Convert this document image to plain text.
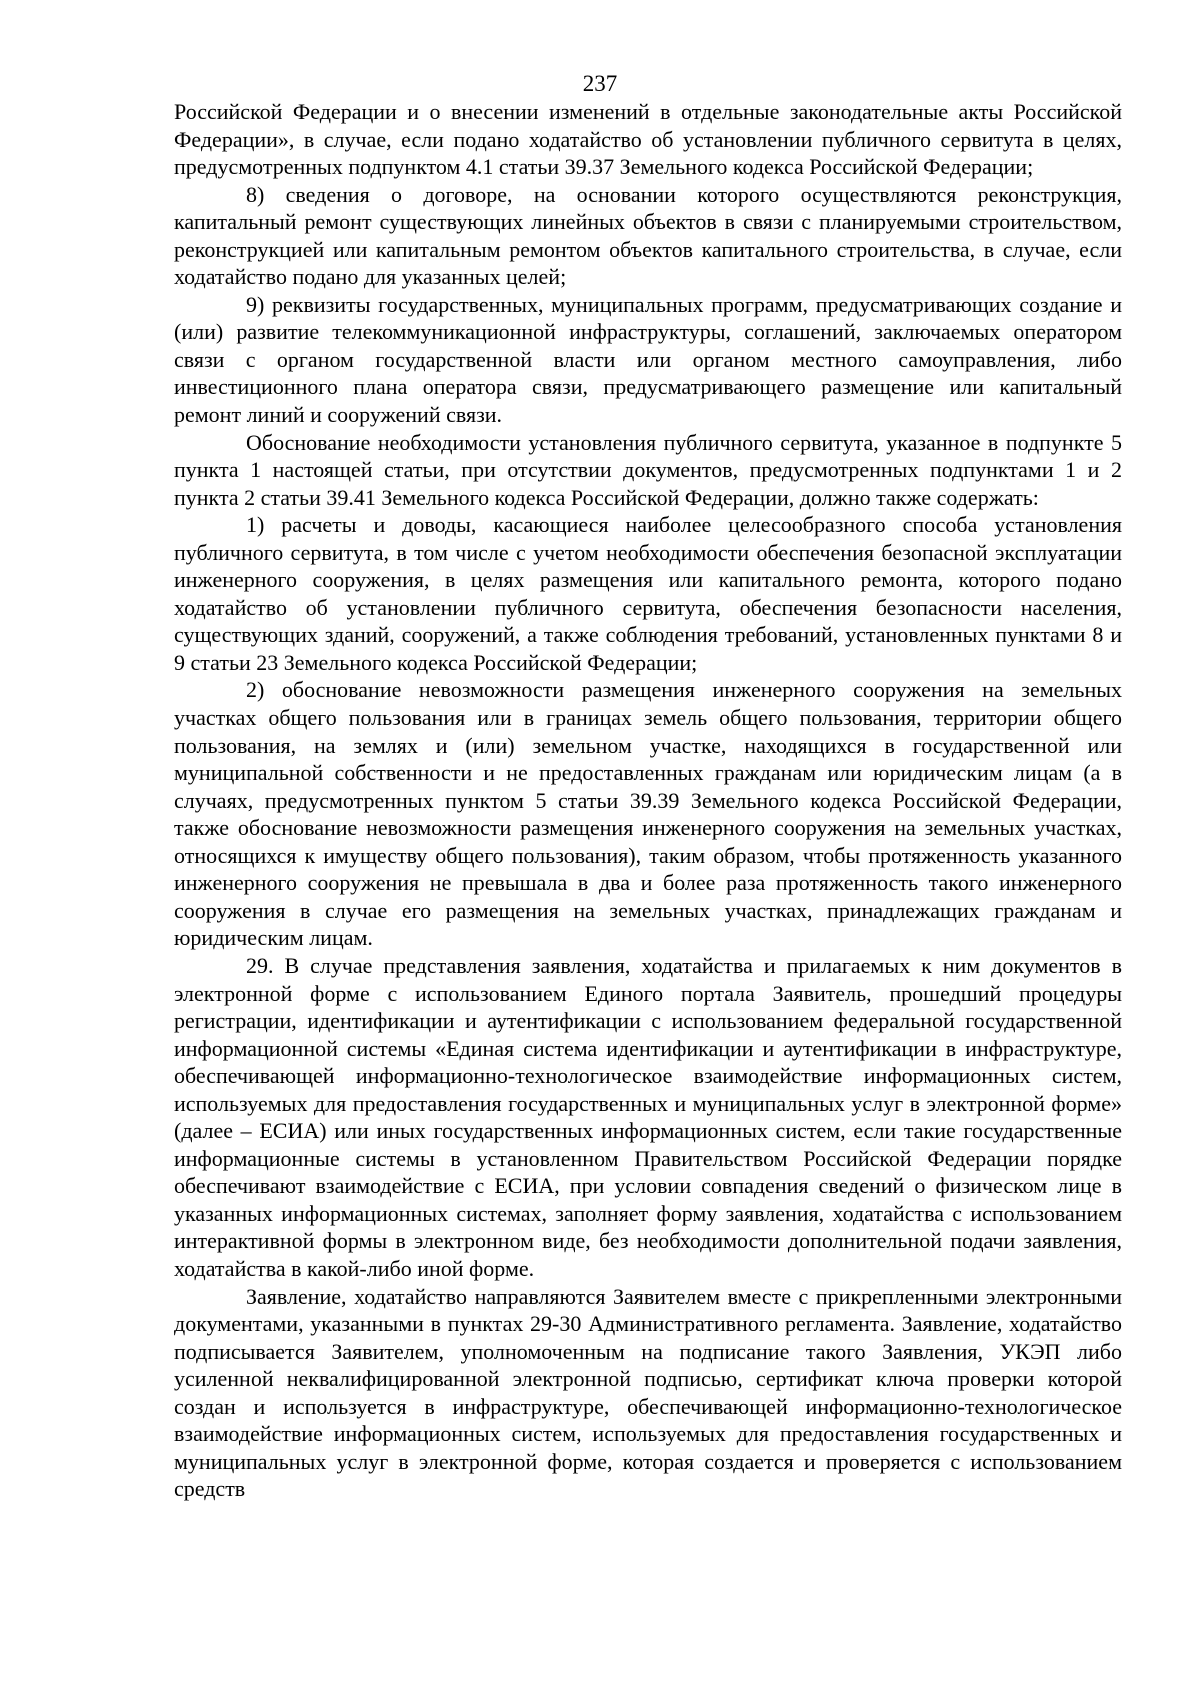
237

Российской Федерации и о внесении изменений в отдельные законодательные акты Российской Федерации», в случае, если подано ходатайство об установлении публичного сервитута в целях, предусмотренных подпунктом 4.1 статьи 39.37 Земельного кодекса Российской Федерации;

8) сведения о договоре, на основании которого осуществляются реконструкция, капитальный ремонт существующих линейных объектов в связи с планируемыми строительством, реконструкцией или капитальным ремонтом объектов капитального строительства, в случае, если ходатайство подано для указанных целей;

9) реквизиты государственных, муниципальных программ, предусматривающих создание и (или) развитие телекоммуникационной инфраструктуры, соглашений, заключаемых оператором связи с органом государственной власти или органом местного самоуправления, либо инвестиционного плана оператора связи, предусматривающего размещение или капитальный ремонт линий и сооружений связи.

Обоснование необходимости установления публичного сервитута, указанное в подпункте 5 пункта 1 настоящей статьи, при отсутствии документов, предусмотренных подпунктами 1 и 2 пункта 2 статьи 39.41 Земельного кодекса Российской Федерации, должно также содержать:

1) расчеты и доводы, касающиеся наиболее целесообразного способа установления публичного сервитута, в том числе с учетом необходимости обеспечения безопасной эксплуатации инженерного сооружения, в целях размещения или капитального ремонта, которого подано ходатайство об установлении публичного сервитута, обеспечения безопасности населения, существующих зданий, сооружений, а также соблюдения требований, установленных пунктами 8 и 9 статьи 23 Земельного кодекса Российской Федерации;

2) обоснование невозможности размещения инженерного сооружения на земельных участках общего пользования или в границах земель общего пользования, территории общего пользования, на землях и (или) земельном участке, находящихся в государственной или муниципальной собственности и не предоставленных гражданам или юридическим лицам (а в случаях, предусмотренных пунктом 5 статьи 39.39 Земельного кодекса Российской Федерации, также обоснование невозможности размещения инженерного сооружения на земельных участках, относящихся к имуществу общего пользования), таким образом, чтобы протяженность указанного инженерного сооружения не превышала в два и более раза протяженность такого инженерного сооружения в случае его размещения на земельных участках, принадлежащих гражданам и юридическим лицам.

29. В случае представления заявления, ходатайства и прилагаемых к ним документов в электронной форме с использованием Единого портала Заявитель, прошедший процедуры регистрации, идентификации и аутентификации с использованием федеральной государственной информационной системы «Единая система идентификации и аутентификации в инфраструктуре, обеспечивающей информационно-технологическое взаимодействие информационных систем, используемых для предоставления государственных и муниципальных услуг в электронной форме» (далее – ЕСИА) или иных государственных информационных систем, если такие государственные информационные системы в установленном Правительством Российской Федерации порядке обеспечивают взаимодействие с ЕСИА, при условии совпадения сведений о физическом лице в указанных информационных системах, заполняет форму заявления, ходатайства с использованием интерактивной формы в электронном виде, без необходимости дополнительной подачи заявления, ходатайства в какой-либо иной форме.

Заявление, ходатайство направляются Заявителем вместе с прикрепленными электронными документами, указанными в пунктах 29-30 Административного регламента. Заявление, ходатайство подписывается Заявителем, уполномоченным на подписание такого Заявления, УКЭП либо усиленной неквалифицированной электронной подписью, сертификат ключа проверки которой создан и используется в инфраструктуре, обеспечивающей информационно-технологическое взаимодействие информационных систем, используемых для предоставления государственных и муниципальных услуг в электронной форме, которая создается и проверяется с использованием средств
